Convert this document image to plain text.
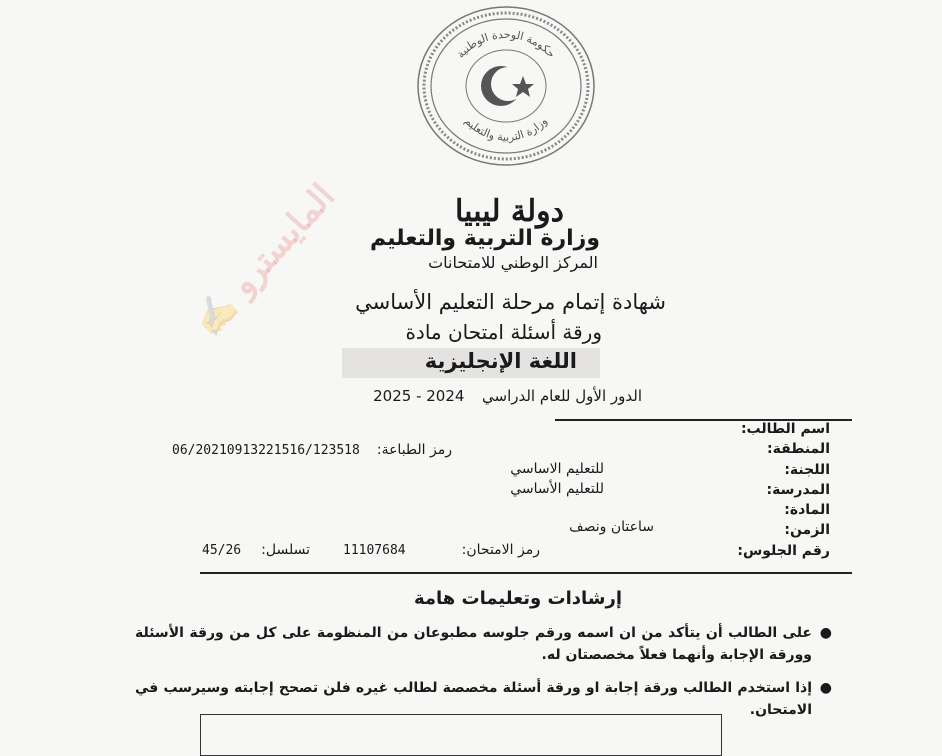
حكومة الوحدة الوطنية
وزارة التربية والتعليم
المايسترو ✍	دولة ليبيا
وزارة التربية والتعليم
المركز الوطني للامتحانات
شهادة إتمام مرحلة التعليم الأساسي
ورقة أسئلة امتحان مادة
اللغة الإنجليزية
الدور الأول للعام الدراسي  2025 - 2024
اسم الطالب:
المنطقة:
رمز الطباعة:
06/20210913221516/123518
اللجنة:
للتعليم الاساسي
المدرسة:
للتعليم الأساسي
المادة:
الزمن:
ساعتان ونصف
رقم الجلوس:
رمز الامتحان:
11107684
تسلسل:
45/26
إرشادات وتعليمات هامة
●
على الطالب أن يتأكد من ان اسمه ورقم جلوسه مطبوعان من المنظومة على كل من ورقة الأسئلة وورقة الإجابة وأنهما فعلاً مخصصتان له.
●
إذا استخدم الطالب ورقة إجابة او ورقة أسئلة مخصصة لطالب غيره فلن تصحح إجابته وسيرسب في الامتحان.
